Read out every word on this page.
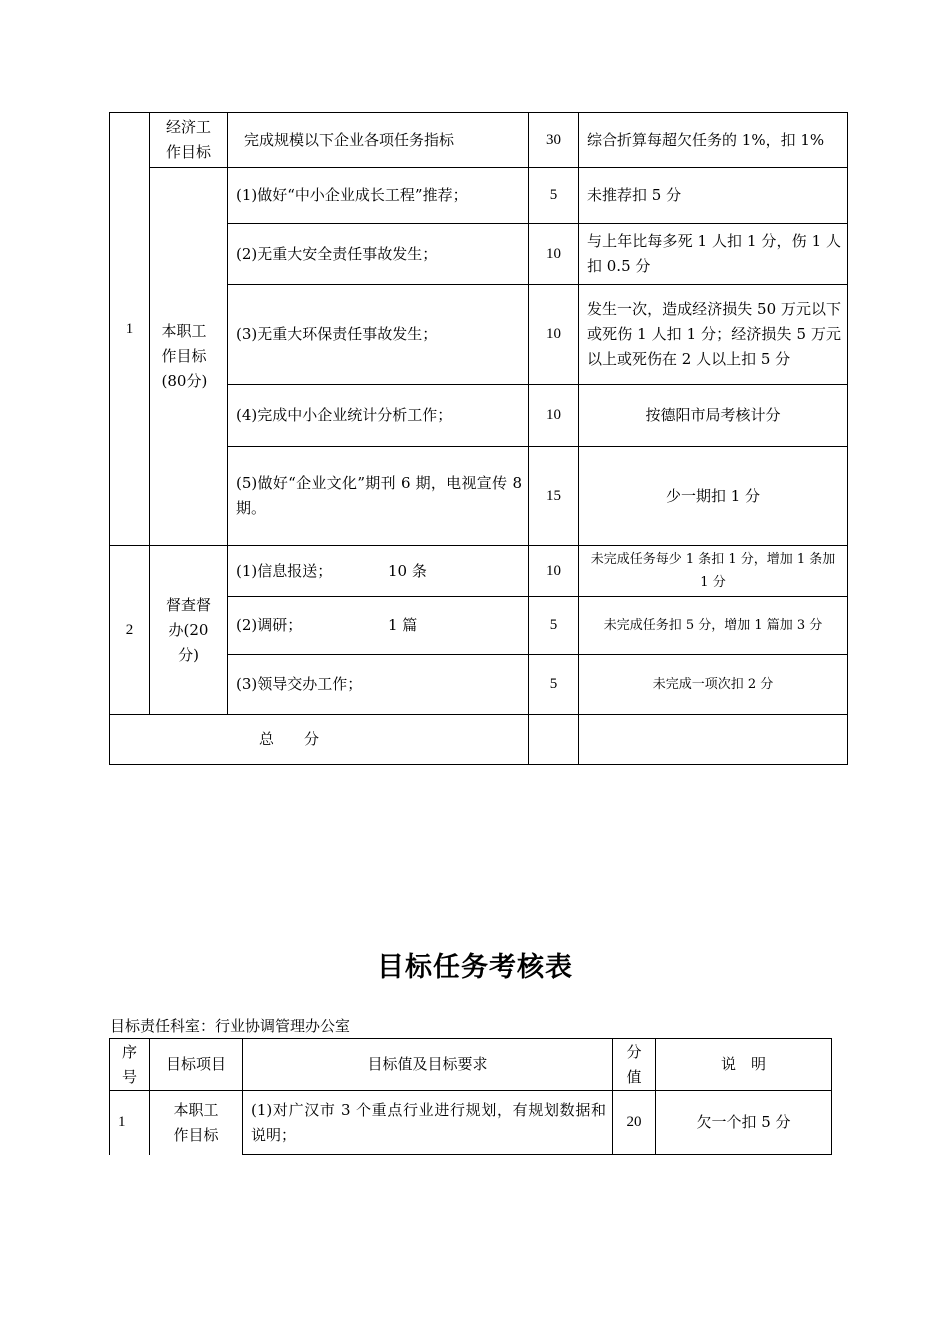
1	经济工作目标	完成规模以下企业各项任务指标	30	综合折算每超欠任务的 1%，扣 1%

	本职工作目标(80分)	(1)做好“中小企业成长工程”推荐；	5	未推荐扣 5 分
		(2)无重大安全责任事故发生；	10	与上年比每多死 1 人扣 1 分，伤 1 人扣 0.5 分
		(3)无重大环保责任事故发生；	10	发生一次，造成经济损失 50 万元以下或死伤 1 人扣 1 分；经济损失 5 万元以上或死伤在 2 人以上扣 5 分
		(4)完成中小企业统计分析工作；	10	按德阳市局考核计分
		(5)做好“企业文化”期刊 6 期，电视宣传 8 期。	15	少一期扣 1 分
2	督查督办(20分)	(1)信息报送； 10 条	10	未完成任务每少 1 条扣 1 分，增加 1 条加 1 分
		(2)调研； 1 篇	5	未完成任务扣 5 分，增加 1 篇加 3 分
		(3)领导交办工作；	5	未完成一项次扣 2 分
总　　分				
目标任务考核表
目标责任科室：行业协调管理办公室
序号	目标项目	目标值及目标要求	分值	说　明
1	本职工作目标	(1)对广汉市 3 个重点行业进行规划，有规划数据和说明；	20	欠一个扣 5 分
